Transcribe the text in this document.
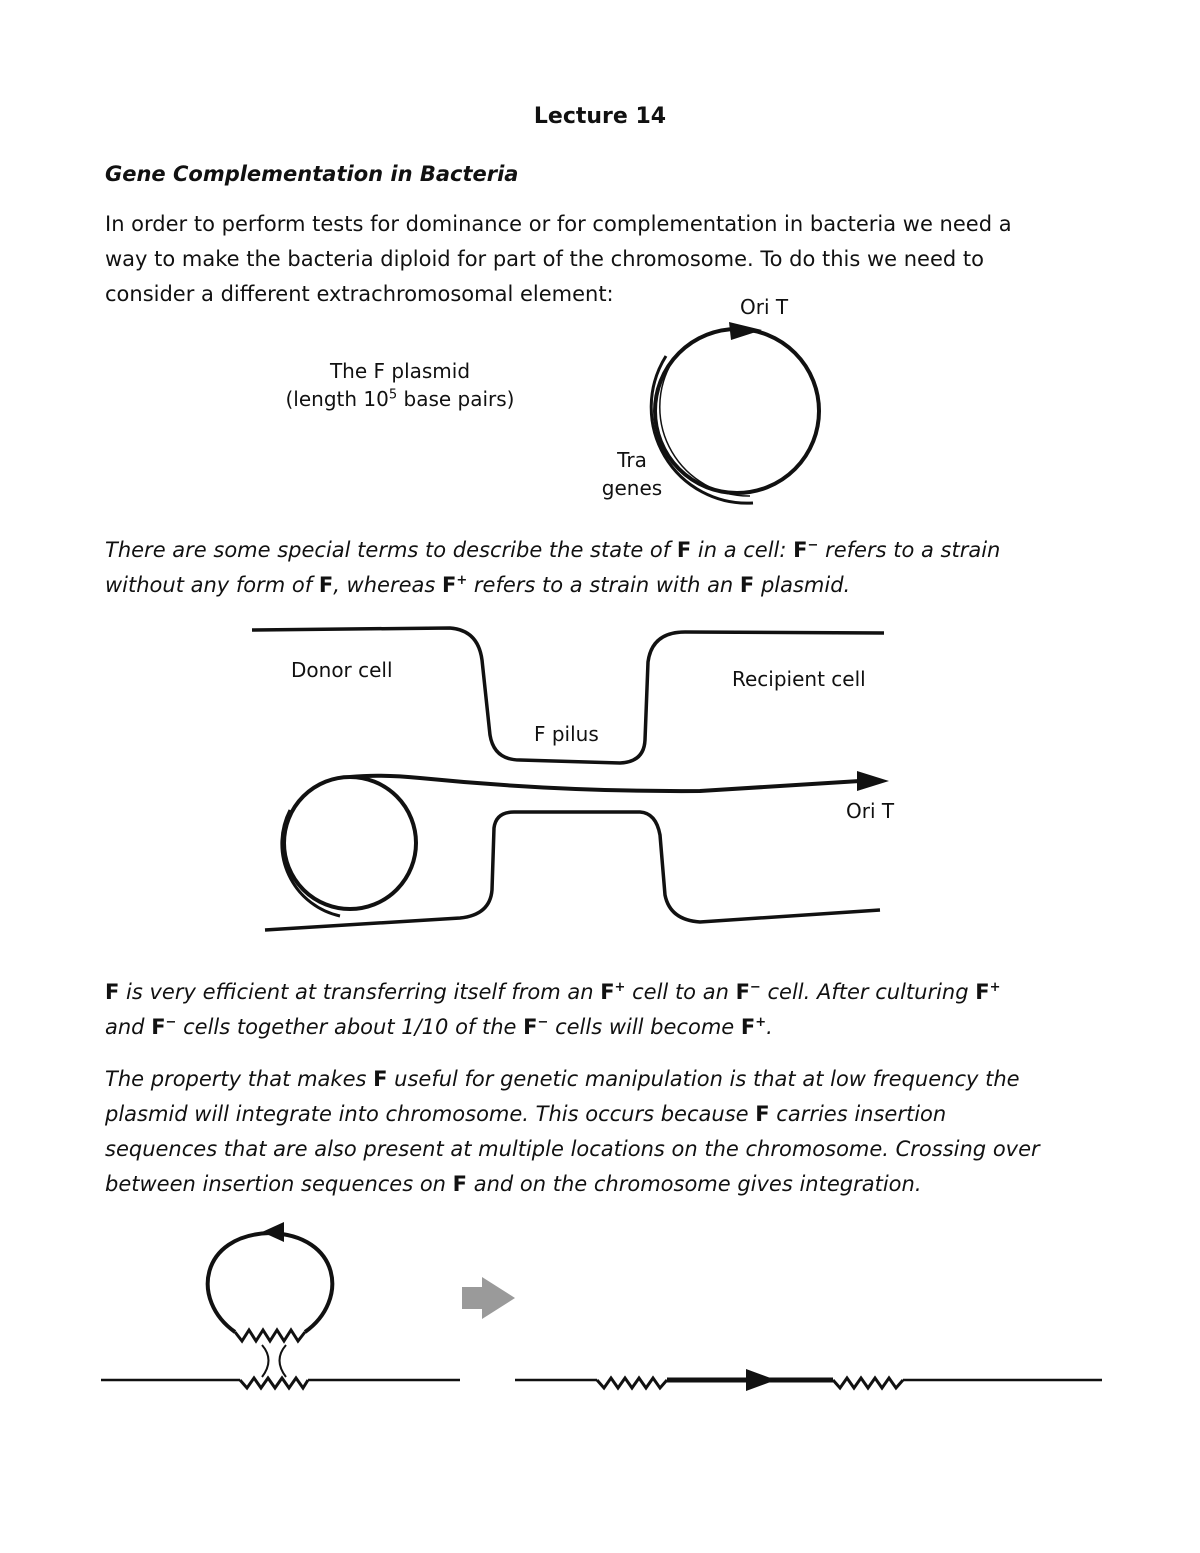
Lecture 14
Gene Complementation in Bacteria
In order to perform tests for dominance or for complementation in bacteria we need a
way to make the bacteria diploid for part of the chromosome. To do this we need to
consider a different extrachromosomal element:
The F plasmid
(length $10^5$ base pairs)
Ori T
Tra
genes
There are some special terms to describe the state of F in a cell: F− refers to a strain
without any form of F, whereas F+ refers to a strain with an F plasmid.
Donor cell	Recipient cell
F pilus
Ori T
F is very efficient at transferring itself from an F+ cell to an F− cell. After culturing F+
and F− cells together about 1/10 of the F− cells will become F+.
The property that makes F useful for genetic manipulation is that at low frequency the
plasmid will integrate into chromosome. This occurs because F carries insertion
sequences that are also present at multiple locations on the chromosome. Crossing over
between insertion sequences on F and on the chromosome gives integration.
